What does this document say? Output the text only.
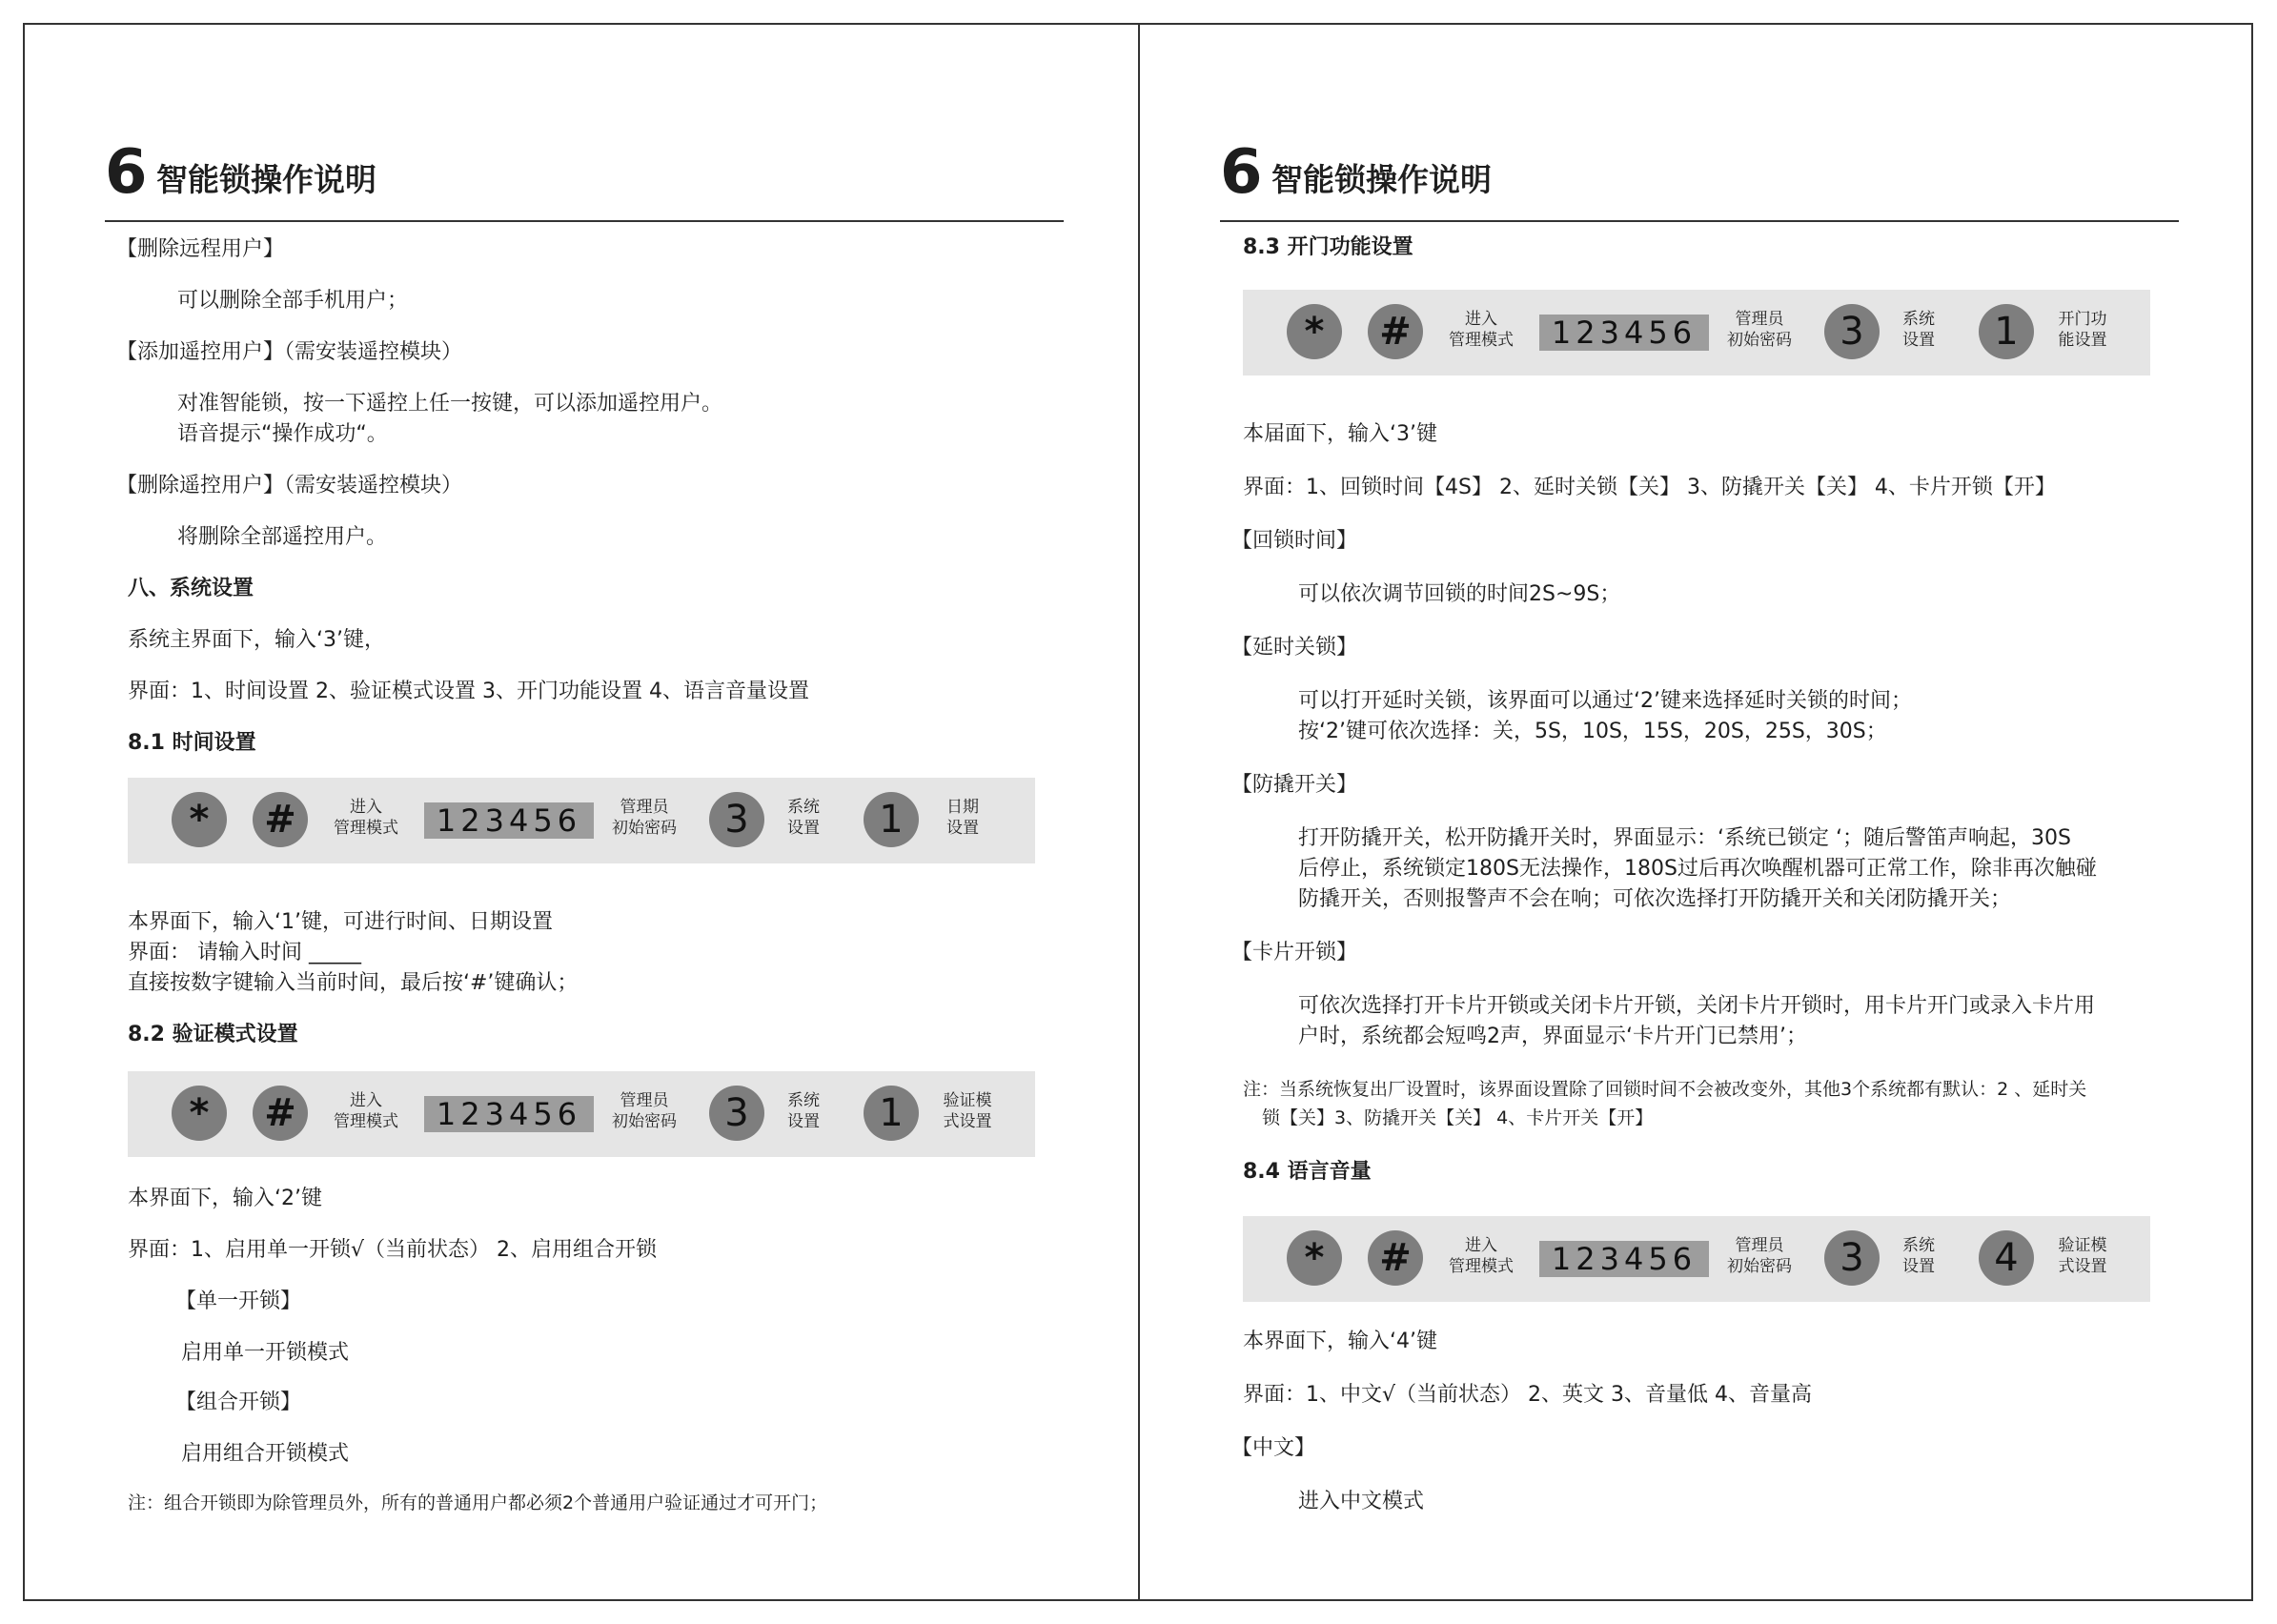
6 智能锁操作说明
【删除远程用户】
可以删除全部手机用户；
【添加遥控用户】（需安装遥控模块）
对准智能锁，按一下遥控上任一按键，可以添加遥控用户。
语音提示“操作成功“。
【删除遥控用户】（需安装遥控模块）
将删除全部遥控用户。
八、系统设置
系统主界面下，输入‘3’键，
界面：1、时间设置 2、验证模式设置 3、开门功能设置 4、语言音量设置
8.1 时间设置
*	#	进入
管理模式	123456	管理员
初始密码	3	系统
设置	1	日期
设置
本界面下，输入‘1’键，可进行时间、日期设置
界面： 请输入时间 _____
直接按数字键输入当前时间，最后按‘#’键确认；
8.2 验证模式设置
*	#	进入
管理模式	123456	管理员
初始密码	3	系统
设置	1	验证模
式设置
本界面下，输入‘2’键
界面：1、启用单一开锁√（当前状态） 2、启用组合开锁
【单一开锁】
启用单一开锁模式
【组合开锁】
启用组合开锁模式
注：组合开锁即为除管理员外，所有的普通用户都必须2个普通用户验证通过才可开门；
6 智能锁操作说明
8.3 开门功能设置
*	#	进入
管理模式	123456	管理员
初始密码	3	系统
设置	1	开门功
能设置
本届面下，输入‘3’键
界面：1、回锁时间【4S】 2、延时关锁【关】 3、防撬开关【关】 4、卡片开锁【开】
【回锁时间】
可以依次调节回锁的时间2S~9S；
【延时关锁】
可以打开延时关锁，该界面可以通过‘2’键来选择延时关锁的时间；
按‘2’键可依次选择：关，5S，10S，15S，20S，25S，30S；
【防撬开关】
打开防撬开关，松开防撬开关时，界面显示：‘系统已锁定 ‘；随后警笛声响起，30S
后停止，系统锁定180S无法操作，180S过后再次唤醒机器可正常工作，除非再次触碰
防撬开关，否则报警声不会在响；可依次选择打开防撬开关和关闭防撬开关；
【卡片开锁】
可依次选择打开卡片开锁或关闭卡片开锁，关闭卡片开锁时，用卡片开门或录入卡片用
户时，系统都会短鸣2声，界面显示‘卡片开门已禁用’；
注：当系统恢复出厂设置时，该界面设置除了回锁时间不会被改变外，其他3个系统都有默认：2 、延时关
锁【关】3、防撬开关【关】 4、卡片开关【开】
8.4 语言音量
*	#	进入
管理模式	123456	管理员
初始密码	3	系统
设置	4	验证模
式设置
本界面下，输入‘4’键
界面：1、中文√（当前状态） 2、英文 3、音量低 4、音量高
【中文】
进入中文模式
